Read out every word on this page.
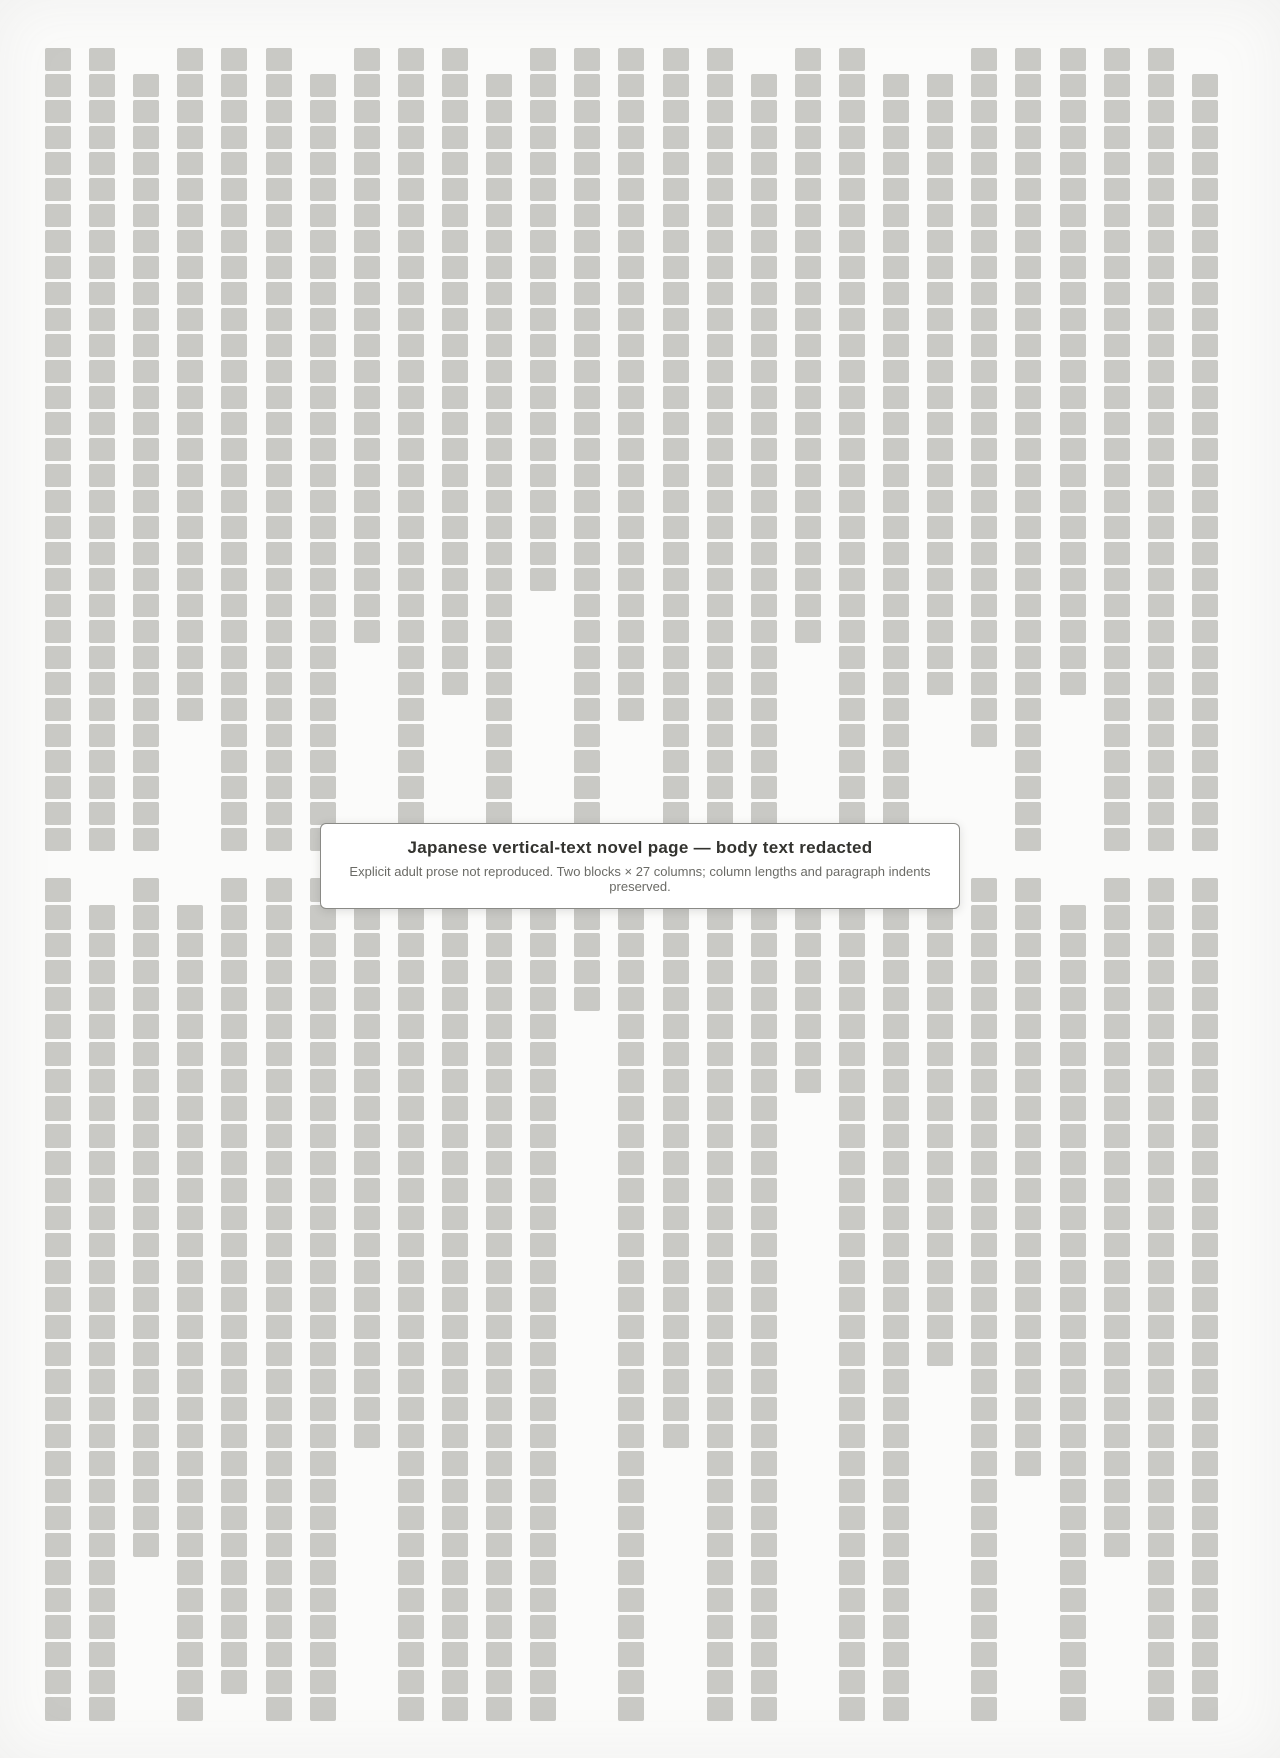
Japanese vertical-text novel page — body text redacted
Explicit adult prose not reproduced. Two blocks × 27 columns; column lengths and paragraph indents preserved.
